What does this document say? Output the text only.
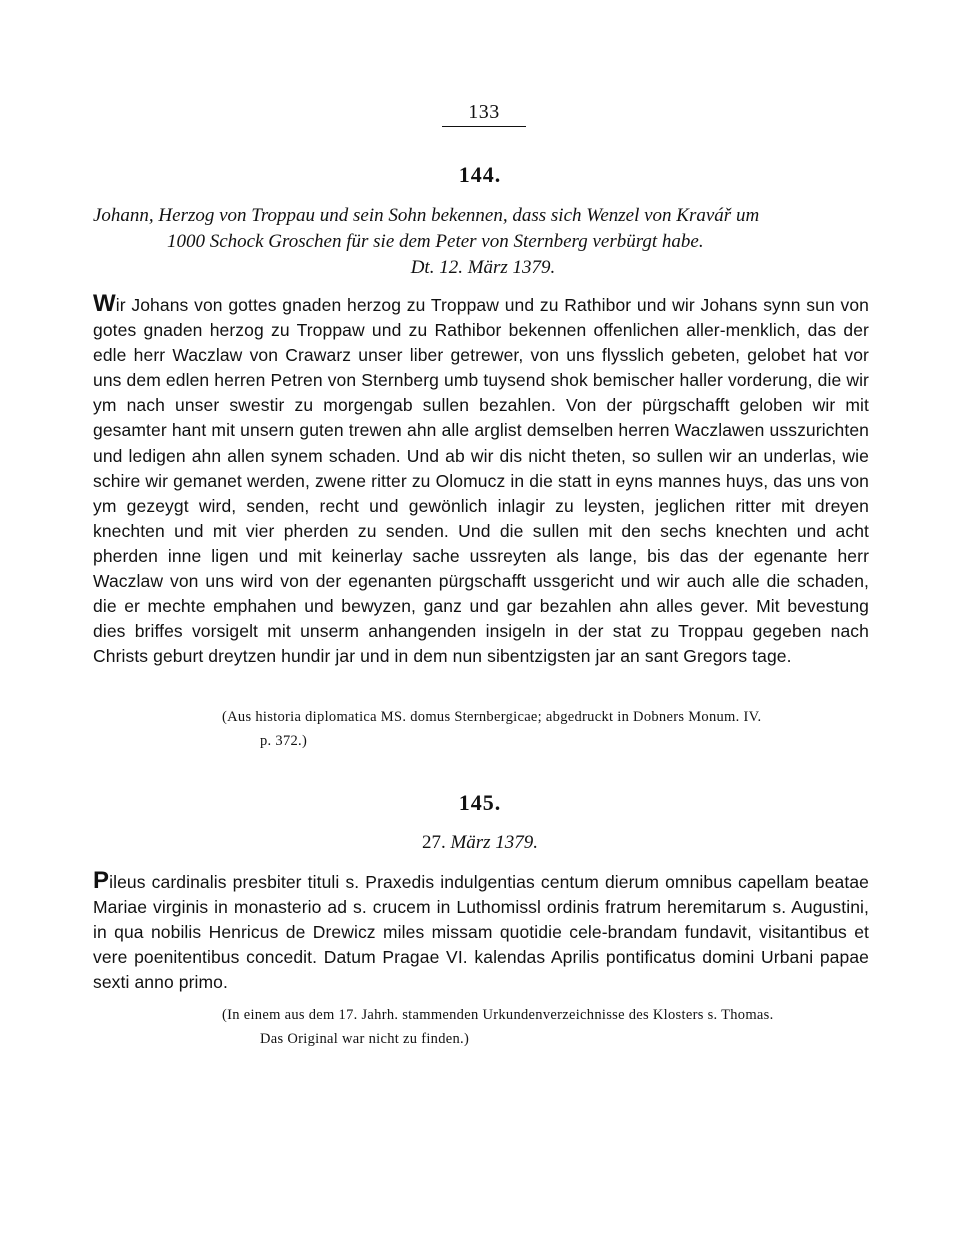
133
144.
Johann, Herzog von Troppau und sein Sohn bekennen, dass sich Wenzel von Kravář um
1000 Schock Groschen für sie dem Peter von Sternberg verbürgt habe.
Dt. 12. März 1379.
Wir Johans von gottes gnaden herzog zu Troppaw und zu Rathibor und wir Johans synn sun von gotes gnaden herzog zu Troppaw und zu Rathibor bekennen offenlichen aller-menklich, das der edle herr Waczlaw von Crawarz unser liber getrewer, von uns flysslich gebeten, gelobet hat vor uns dem edlen herren Petren von Sternberg umb tuysend shok bemischer haller vorderung, die wir ym nach unser swestir zu morgengab sullen bezahlen. Von der pürgschafft geloben wir mit gesamter hant mit unsern guten trewen ahn alle arglist demselben herren Waczlawen usszurichten und ledigen ahn allen synem schaden. Und ab wir dis nicht theten, so sullen wir an underlas, wie schire wir gemanet werden, zwene ritter zu Olomucz in die statt in eyns mannes huys, das uns von ym gezeygt wird, senden, recht und gewönlich inlagir zu leysten, jeglichen ritter mit dreyen knechten und mit vier pherden zu senden. Und die sullen mit den sechs knechten und acht pherden inne ligen und mit keinerlay sache ussreyten als lange, bis das der egenante herr Waczlaw von uns wird von der egenanten pürgschafft ussgericht und wir auch alle die schaden, die er mechte emphahen und bewyzen, ganz und gar bezahlen ahn alles gever. Mit bevestung dies briffes vorsigelt mit unserm anhangenden insigeln in der stat zu Troppau gegeben nach Christs geburt dreytzen hundir jar und in dem nun sibentzigsten jar an sant Gregors tage.
(Aus historia diplomatica MS. domus Sternbergicae; abgedruckt in Dobners Monum. IV.
p. 372.)
145.
27. März 1379.
Pileus cardinalis presbiter tituli s. Praxedis indulgentias centum dierum omnibus capellam beatae Mariae virginis in monasterio ad s. crucem in Luthomissl ordinis fratrum heremitarum s. Augustini, in qua nobilis Henricus de Drewicz miles missam quotidie cele-brandam fundavit, visitantibus et vere poenitentibus concedit. Datum Pragae VI. kalendas Aprilis pontificatus domini Urbani papae sexti anno primo.
(In einem aus dem 17. Jahrh. stammenden Urkundenverzeichnisse des Klosters s. Thomas.
Das Original war nicht zu finden.)
